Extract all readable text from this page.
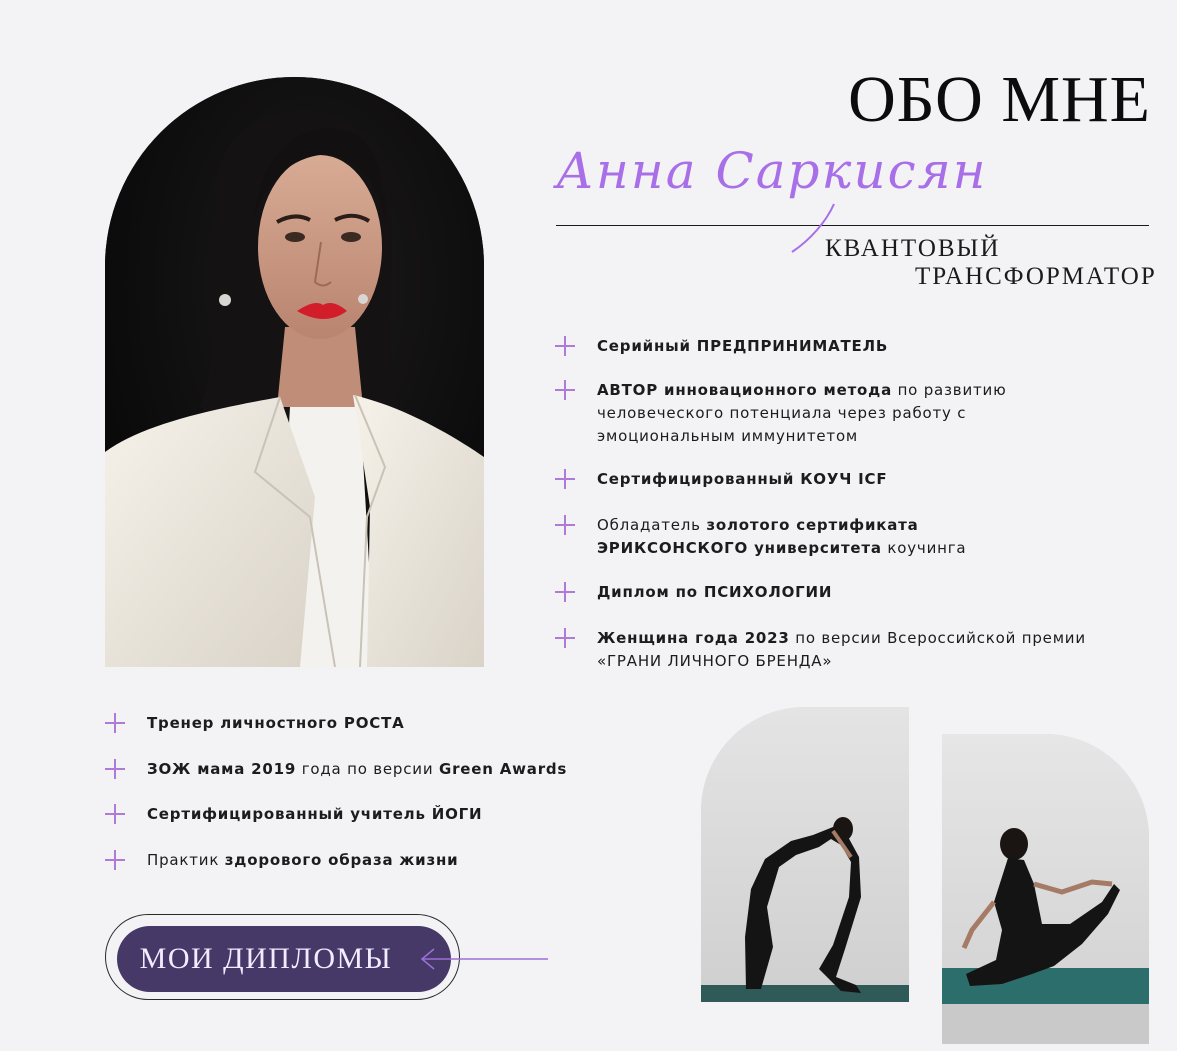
ОБО МНЕ
Анна Саркисян
КВАНТОВЫЙ
ТРАНСФОРМАТОР
Серийный ПРЕДПРИНИМАТЕЛЬ
АВТОР инновационного метода по развитию человеческого потенциала через работу с эмоциональным иммунитетом
Сертифицированный КОУЧ ICF
Обладатель золотого сертификата ЭРИКСОНСКОГО университета коучинга
Диплом по ПСИХОЛОГИИ
Женщина года 2023 по версии Всероссийской премии «ГРАНИ ЛИЧНОГО БРЕНДА»
Тренер личностного РОСТА
ЗОЖ мама 2019 года по версии Green Awards
Сертифицированный учитель ЙОГИ
Практик здорового образа жизни
МОИ ДИПЛОМЫ
